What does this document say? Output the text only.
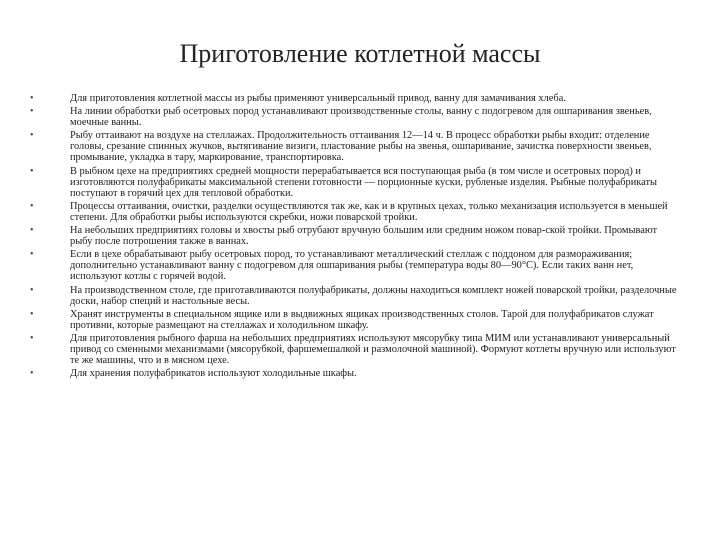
Приготовление котлетной массы
•	Для приготовления котлетной массы из рыбы применяют универсальный привод, ванну для замачивания хлеба.
•	На линии обработки рыб осетровых пород устанавливают производственные столы, ванну с подогревом для ошпаривания звеньев, моечные ванны.
•	Рыбу оттаивают на воздухе на стеллажах. Продолжительность оттаивания 12—14 ч. В процесс обработки рыбы входит: отделение головы, срезание спинных жучков, вытягивание визиги, пластование рыбы на звенья, ошпаривание, зачистка поверхности звеньев, промывание, укладка в тару, маркирование, транспортировка.
•	В рыбном цехе на предприятиях средней мощности перерабатывается вся поступающая рыба (в том числе и осетровых пород) и изготовляются полуфабрикаты максимальной степени готовности — порционные куски, рубленые изделия. Рыбные полуфабрикаты поступают в горячий цех для тепловой обработки.
•	Процессы оттаивания, очистки, разделки осуществляются так же, как и в крупных цехах, только механизация используется в меньшей степени. Для обработки рыбы используются скребки, ножи поварской тройки.
•	На небольших предприятиях головы и хвосты рыб отрубают вручную большим или средним ножом повар-ской тройки. Промывают рыбу после потрошения также в ваннах.
•	Если в цехе обрабатывают рыбу осетровых пород, то устанавливают металлический стеллаж с поддоном для размораживания; дополнительно устанавливают ванну с подогревом для ошпаривания рыбы (температура воды 80—90°С). Если таких ванн нет, используют котлы с горячей водой.
•	На производственном столе, где приготавливаются полуфабрикаты, должны находиться комплект ножей поварской тройки, разделочные доски, набор специй и настольные весы.
•	Хранят инструменты в специальном ящике или в выдвижных ящиках производственных столов. Тарой для полуфабрикатов служат противни, которые размещают на стеллажах и холодильном шкафу.
•	Для приготовления рыбного фарша на небольших предприятиях используют мясорубку типа МИМ или устанавливают универсальный привод со сменными механизмами (мясорубкой, фаршемешалкой и размолочной машиной). Формуют котлеты вручную или используют те же машины, что и в мясном цехе.
•	Для хранения полуфабрикатов используют холодильные шкафы.
